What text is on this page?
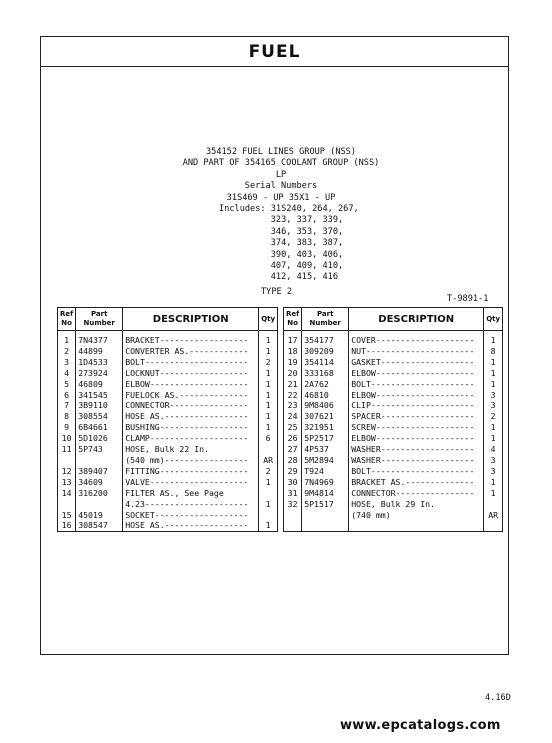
FUEL
354152 FUEL LINES GROUP (NSS)
AND PART OF 354165 COOLANT GROUP (NSS)
LP
Serial Numbers
31S469 - UP 35X1 - UP
Includes: 31S240, 264, 267,
323, 337, 339,
346, 353, 370,
374, 383, 387,
390, 403, 406,
407, 409, 410,
412, 415, 416
TYPE 2
T-9891-1
Ref No	Part Number	DESCRIPTION	Qty

1	7N4377	BRACKET------------------	1
2	44899	CONVERTER AS.------------	1
3	1D4533	BOLT---------------------	2
4	273924	LOCKNUT------------------	1
5	46809	ELBOW--------------------	1
6	341545	FUELOCK AS.--------------	1
7	3B9110	CONNECTOR----------------	1
8	308554	HOSE AS.-----------------	1
9	6B4661	BUSHING------------------	1
10	5D1026	CLAMP--------------------	6
11	5P743	HOSE, Bulk 22 In.	
		(540 mm)-----------------	AR
12	389407	FITTING------------------	2
13	34609	VALVE--------------------	1
14	316200	FILTER AS., See Page	
		4.23---------------------	1
15	45019	SOCKET-------------------	
16	308547	HOSE AS.-----------------	1
Ref No	Part Number	DESCRIPTION	Qty

17	354177	COVER--------------------	1
18	309209	NUT----------------------	8
19	354114	GASKET-------------------	1
20	333168	ELBOW--------------------	1
21	2A762	BOLT---------------------	1
22	46810	ELBOW--------------------	3
23	9M8406	CLIP---------------------	3
24	307621	SPACER-------------------	2
25	321951	SCREW--------------------	1
26	5P2517	ELBOW--------------------	1
27	4P537	WASHER-------------------	4
28	5M2894	WASHER-------------------	3
29	T924	BOLT---------------------	3
30	7N4969	BRACKET AS.--------------	1
31	9M4814	CONNECTOR----------------	1
32	5P1517	HOSE, Bulk 29 In.	
		(740 mm)	AR

4.16D
www.epcatalogs.com
